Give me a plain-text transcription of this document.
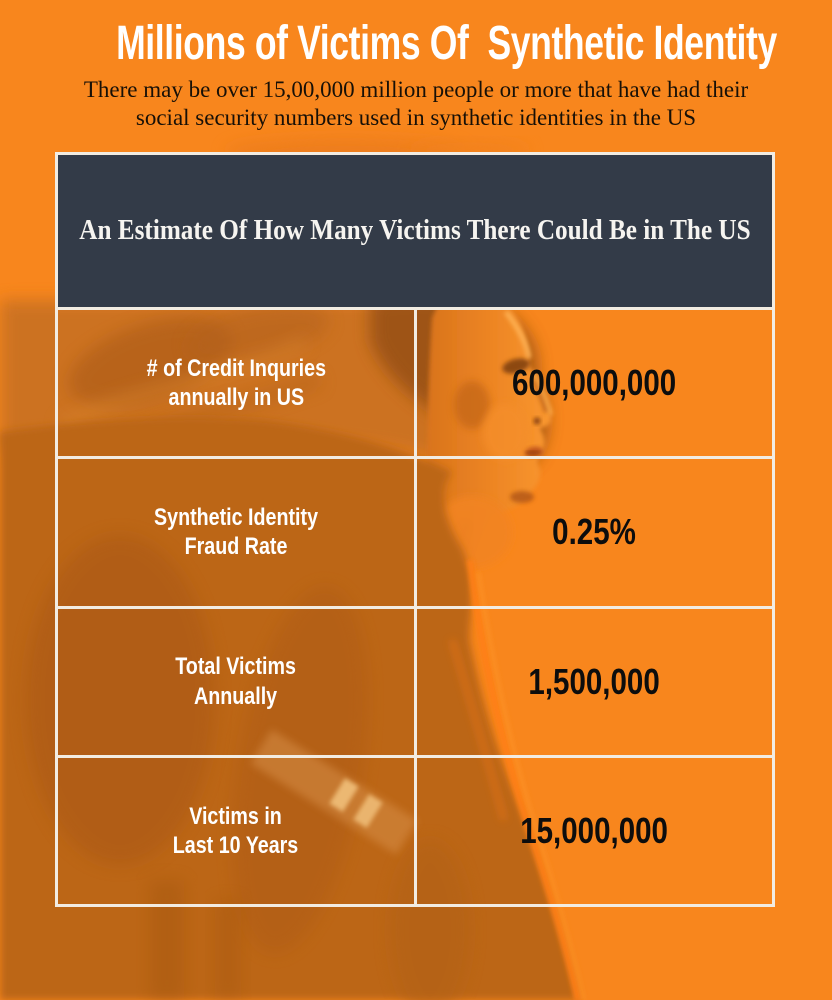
Millions of Victims Of  Synthetic Identity
There may be over 15,00,000 million people or more that have had their
social security numbers used in synthetic identities in the US
An Estimate Of How Many Victims There Could Be in The US
# of Credit Inquries
annually in US	600,000,000
Synthetic Identity
Fraud Rate	0.25%
Total Victims
Annually	1,500,000
Victims in
Last 10 Years	15,000,000
